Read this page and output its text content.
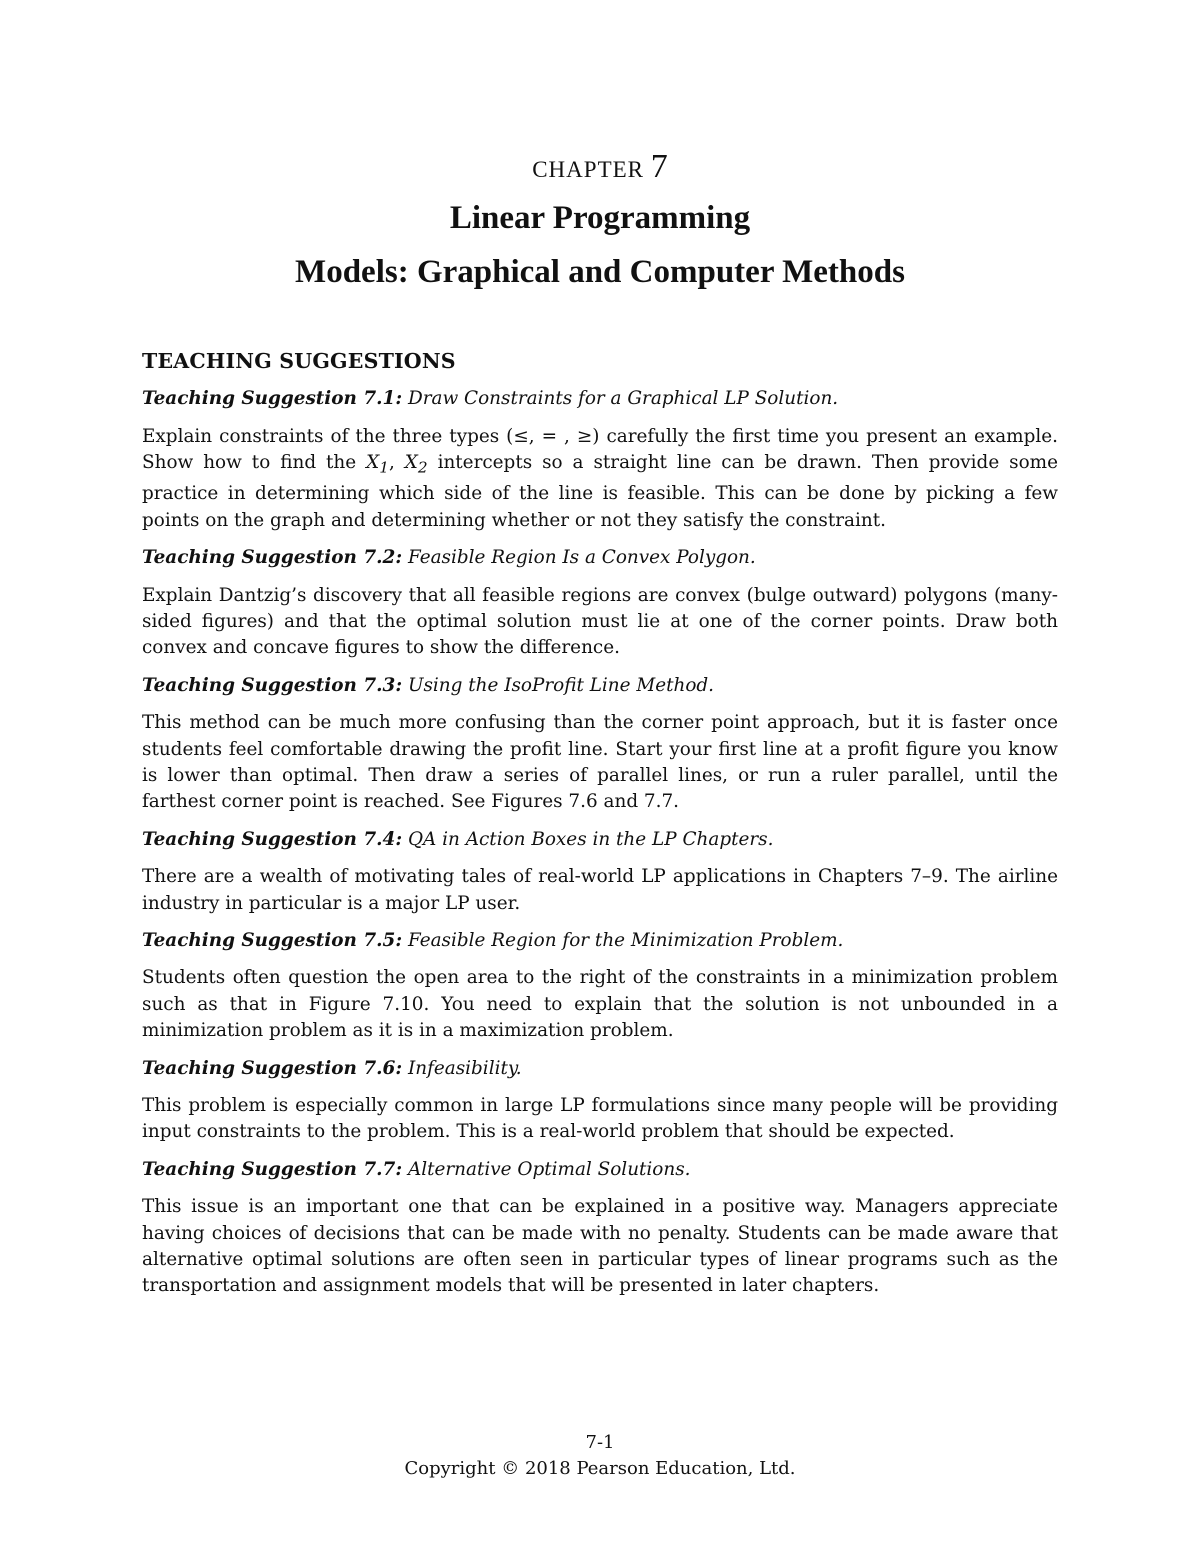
CHAPTER 7
Linear Programming
Models: Graphical and Computer Methods
TEACHING SUGGESTIONS
Teaching Suggestion 7.1: Draw Constraints for a Graphical LP Solution.
Explain constraints of the three types (≤, = , ≥) carefully the first time you present an example. Show how to find the $X_1$, $X_2$ intercepts so a straight line can be drawn. Then provide some practice in determining which side of the line is feasible. This can be done by picking a few points on the graph and determining whether or not they satisfy the constraint.
Teaching Suggestion 7.2: Feasible Region Is a Convex Polygon.
Explain Dantzig’s discovery that all feasible regions are convex (bulge outward) polygons (many-sided figures) and that the optimal solution must lie at one of the corner points. Draw both convex and concave figures to show the difference.
Teaching Suggestion 7.3: Using the IsoProfit Line Method.
This method can be much more confusing than the corner point approach, but it is faster once students feel comfortable drawing the profit line. Start your first line at a profit figure you know is lower than optimal. Then draw a series of parallel lines, or run a ruler parallel, until the farthest corner point is reached. See Figures 7.6 and 7.7.
Teaching Suggestion 7.4: QA in Action Boxes in the LP Chapters.
There are a wealth of motivating tales of real-world LP applications in Chapters 7–9. The airline industry in particular is a major LP user.
Teaching Suggestion 7.5: Feasible Region for the Minimization Problem.
Students often question the open area to the right of the constraints in a minimization problem such as that in Figure 7.10. You need to explain that the solution is not unbounded in a minimization problem as it is in a maximization problem.
Teaching Suggestion 7.6: Infeasibility.
This problem is especially common in large LP formulations since many people will be providing input constraints to the problem. This is a real-world problem that should be expected.
Teaching Suggestion 7.7: Alternative Optimal Solutions.
This issue is an important one that can be explained in a positive way. Managers appreciate having choices of decisions that can be made with no penalty. Students can be made aware that alternative optimal solutions are often seen in particular types of linear programs such as the transportation and assignment models that will be presented in later chapters.
7-1
Copyright © 2018 Pearson Education, Ltd.
